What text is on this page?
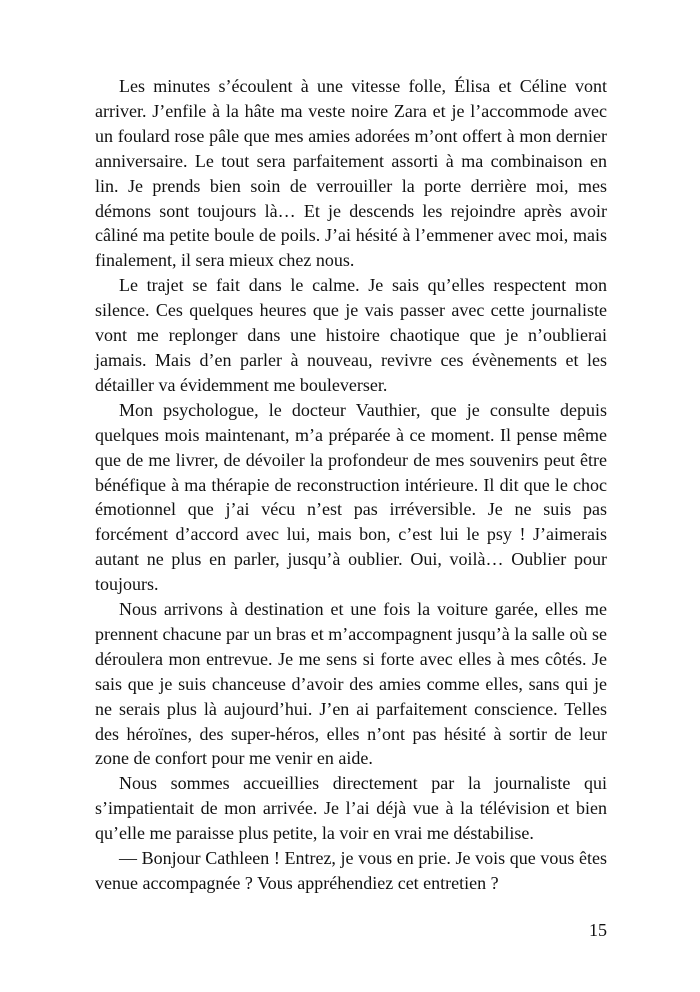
Les minutes s’écoulent à une vitesse folle, Élisa et Céline vont arriver. J’enfile à la hâte ma veste noire Zara et je l’accommode avec un foulard rose pâle que mes amies adorées m’ont offert à mon dernier anniversaire. Le tout sera parfaitement assorti à ma combinaison en lin. Je prends bien soin de verrouiller la porte derrière moi, mes démons sont toujours là… Et je descends les rejoindre après avoir câliné ma petite boule de poils. J’ai hésité à l’emmener avec moi, mais finalement, il sera mieux chez nous.

Le trajet se fait dans le calme. Je sais qu’elles respectent mon silence. Ces quelques heures que je vais passer avec cette journaliste vont me replonger dans une histoire chaotique que je n’oublierai jamais. Mais d’en parler à nouveau, revivre ces évènements et les détailler va évidemment me bouleverser.

Mon psychologue, le docteur Vauthier, que je consulte depuis quelques mois maintenant, m’a préparée à ce moment. Il pense même que de me livrer, de dévoiler la profondeur de mes souvenirs peut être bénéfique à ma thérapie de reconstruction intérieure. Il dit que le choc émotionnel que j’ai vécu n’est pas irréversible. Je ne suis pas forcément d’accord avec lui, mais bon, c’est lui le psy ! J’aimerais autant ne plus en parler, jusqu’à oublier. Oui, voilà… Oublier pour toujours.

Nous arrivons à destination et une fois la voiture garée, elles me prennent chacune par un bras et m’accompagnent jusqu’à la salle où se déroulera mon entrevue. Je me sens si forte avec elles à mes côtés. Je sais que je suis chanceuse d’avoir des amies comme elles, sans qui je ne serais plus là aujourd’hui. J’en ai parfaitement conscience. Telles des héroïnes, des super-héros, elles n’ont pas hésité à sortir de leur zone de confort pour me venir en aide.

Nous sommes accueillies directement par la journaliste qui s’impatientait de mon arrivée. Je l’ai déjà vue à la télévision et bien qu’elle me paraisse plus petite, la voir en vrai me déstabilise.

— Bonjour Cathleen ! Entrez, je vous en prie. Je vois que vous êtes venue accompagnée ? Vous appréhendiez cet entretien ?

15
